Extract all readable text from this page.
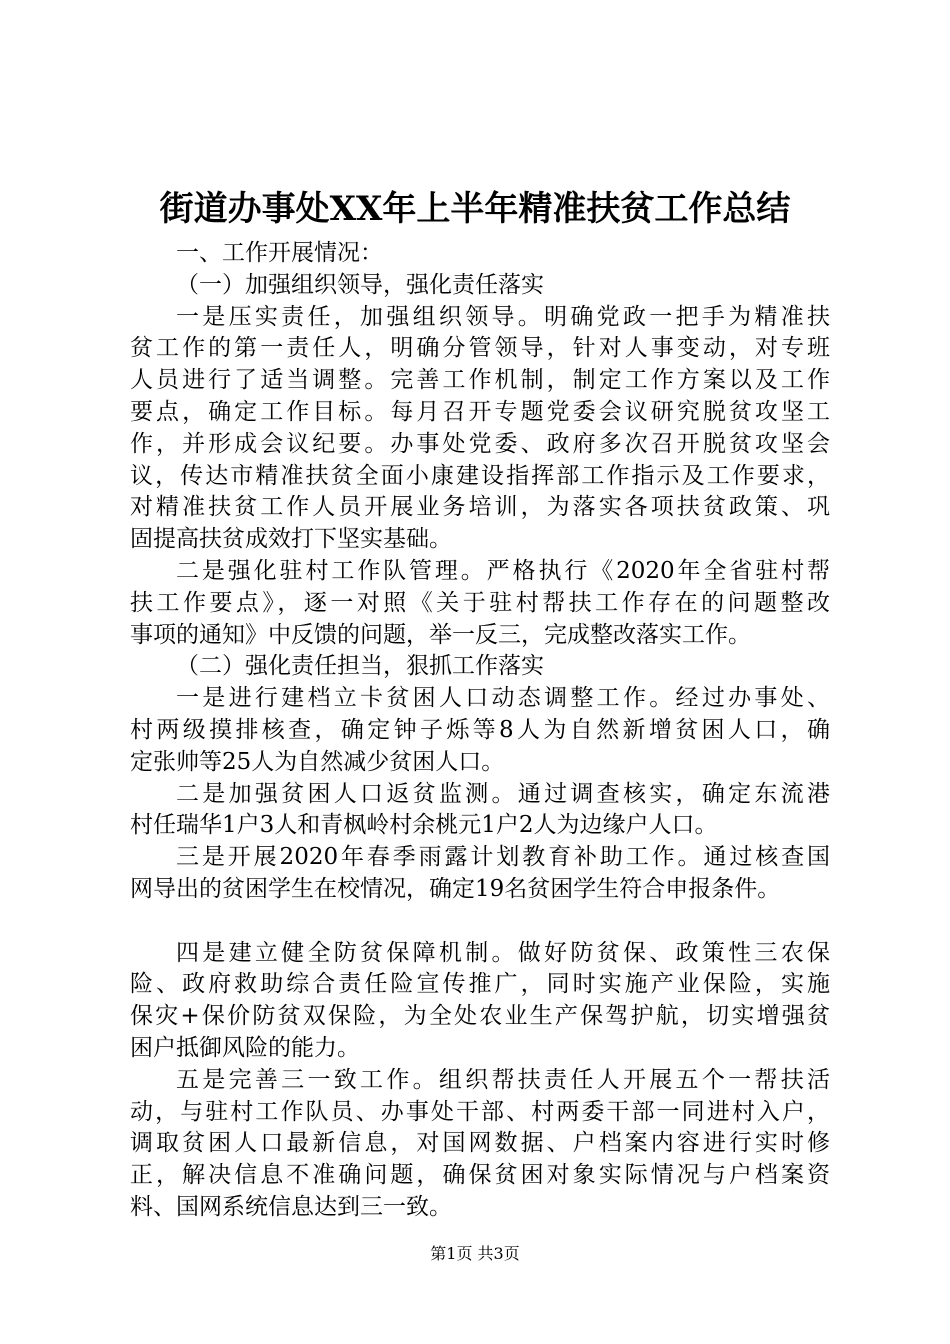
街道办事处XX年上半年精准扶贫工作总结
一、工作开展情况：
（一）加强组织领导，强化责任落实
一是压实责任，加强组织领导。明确党政一把手为精准扶
贫工作的第一责任人，明确分管领导，针对人事变动，对专班
人员进行了适当调整。完善工作机制，制定工作方案以及工作
要点，确定工作目标。每月召开专题党委会议研究脱贫攻坚工
作，并形成会议纪要。办事处党委、政府多次召开脱贫攻坚会
议，传达市精准扶贫全面小康建设指挥部工作指示及工作要求，
对精准扶贫工作人员开展业务培训，为落实各项扶贫政策、巩
固提高扶贫成效打下坚实基础。
二是强化驻村工作队管理。严格执行《2020年全省驻村帮
扶工作要点》，逐一对照《关于驻村帮扶工作存在的问题整改
事项的通知》中反馈的问题，举一反三，完成整改落实工作。
（二）强化责任担当，狠抓工作落实
一是进行建档立卡贫困人口动态调整工作。经过办事处、
村两级摸排核查，确定钟子烁等8人为自然新增贫困人口，确
定张帅等25人为自然减少贫困人口。
二是加强贫困人口返贫监测。通过调查核实，确定东流港
村任瑞华1户3人和青枫岭村余桃元1户2人为边缘户人口。
三是开展2020年春季雨露计划教育补助工作。通过核查国
网导出的贫困学生在校情况，确定19名贫困学生符合申报条件。
四是建立健全防贫保障机制。做好防贫保、政策性三农保
险、政府救助综合责任险宣传推广，同时实施产业保险，实施
保灾+保价防贫双保险，为全处农业生产保驾护航，切实增强贫
困户抵御风险的能力。
五是完善三一致工作。组织帮扶责任人开展五个一帮扶活
动，与驻村工作队员、办事处干部、村两委干部一同进村入户，
调取贫困人口最新信息，对国网数据、户档案内容进行实时修
正，解决信息不准确问题，确保贫困对象实际情况与户档案资
料、国网系统信息达到三一致。
第1页 共3页
